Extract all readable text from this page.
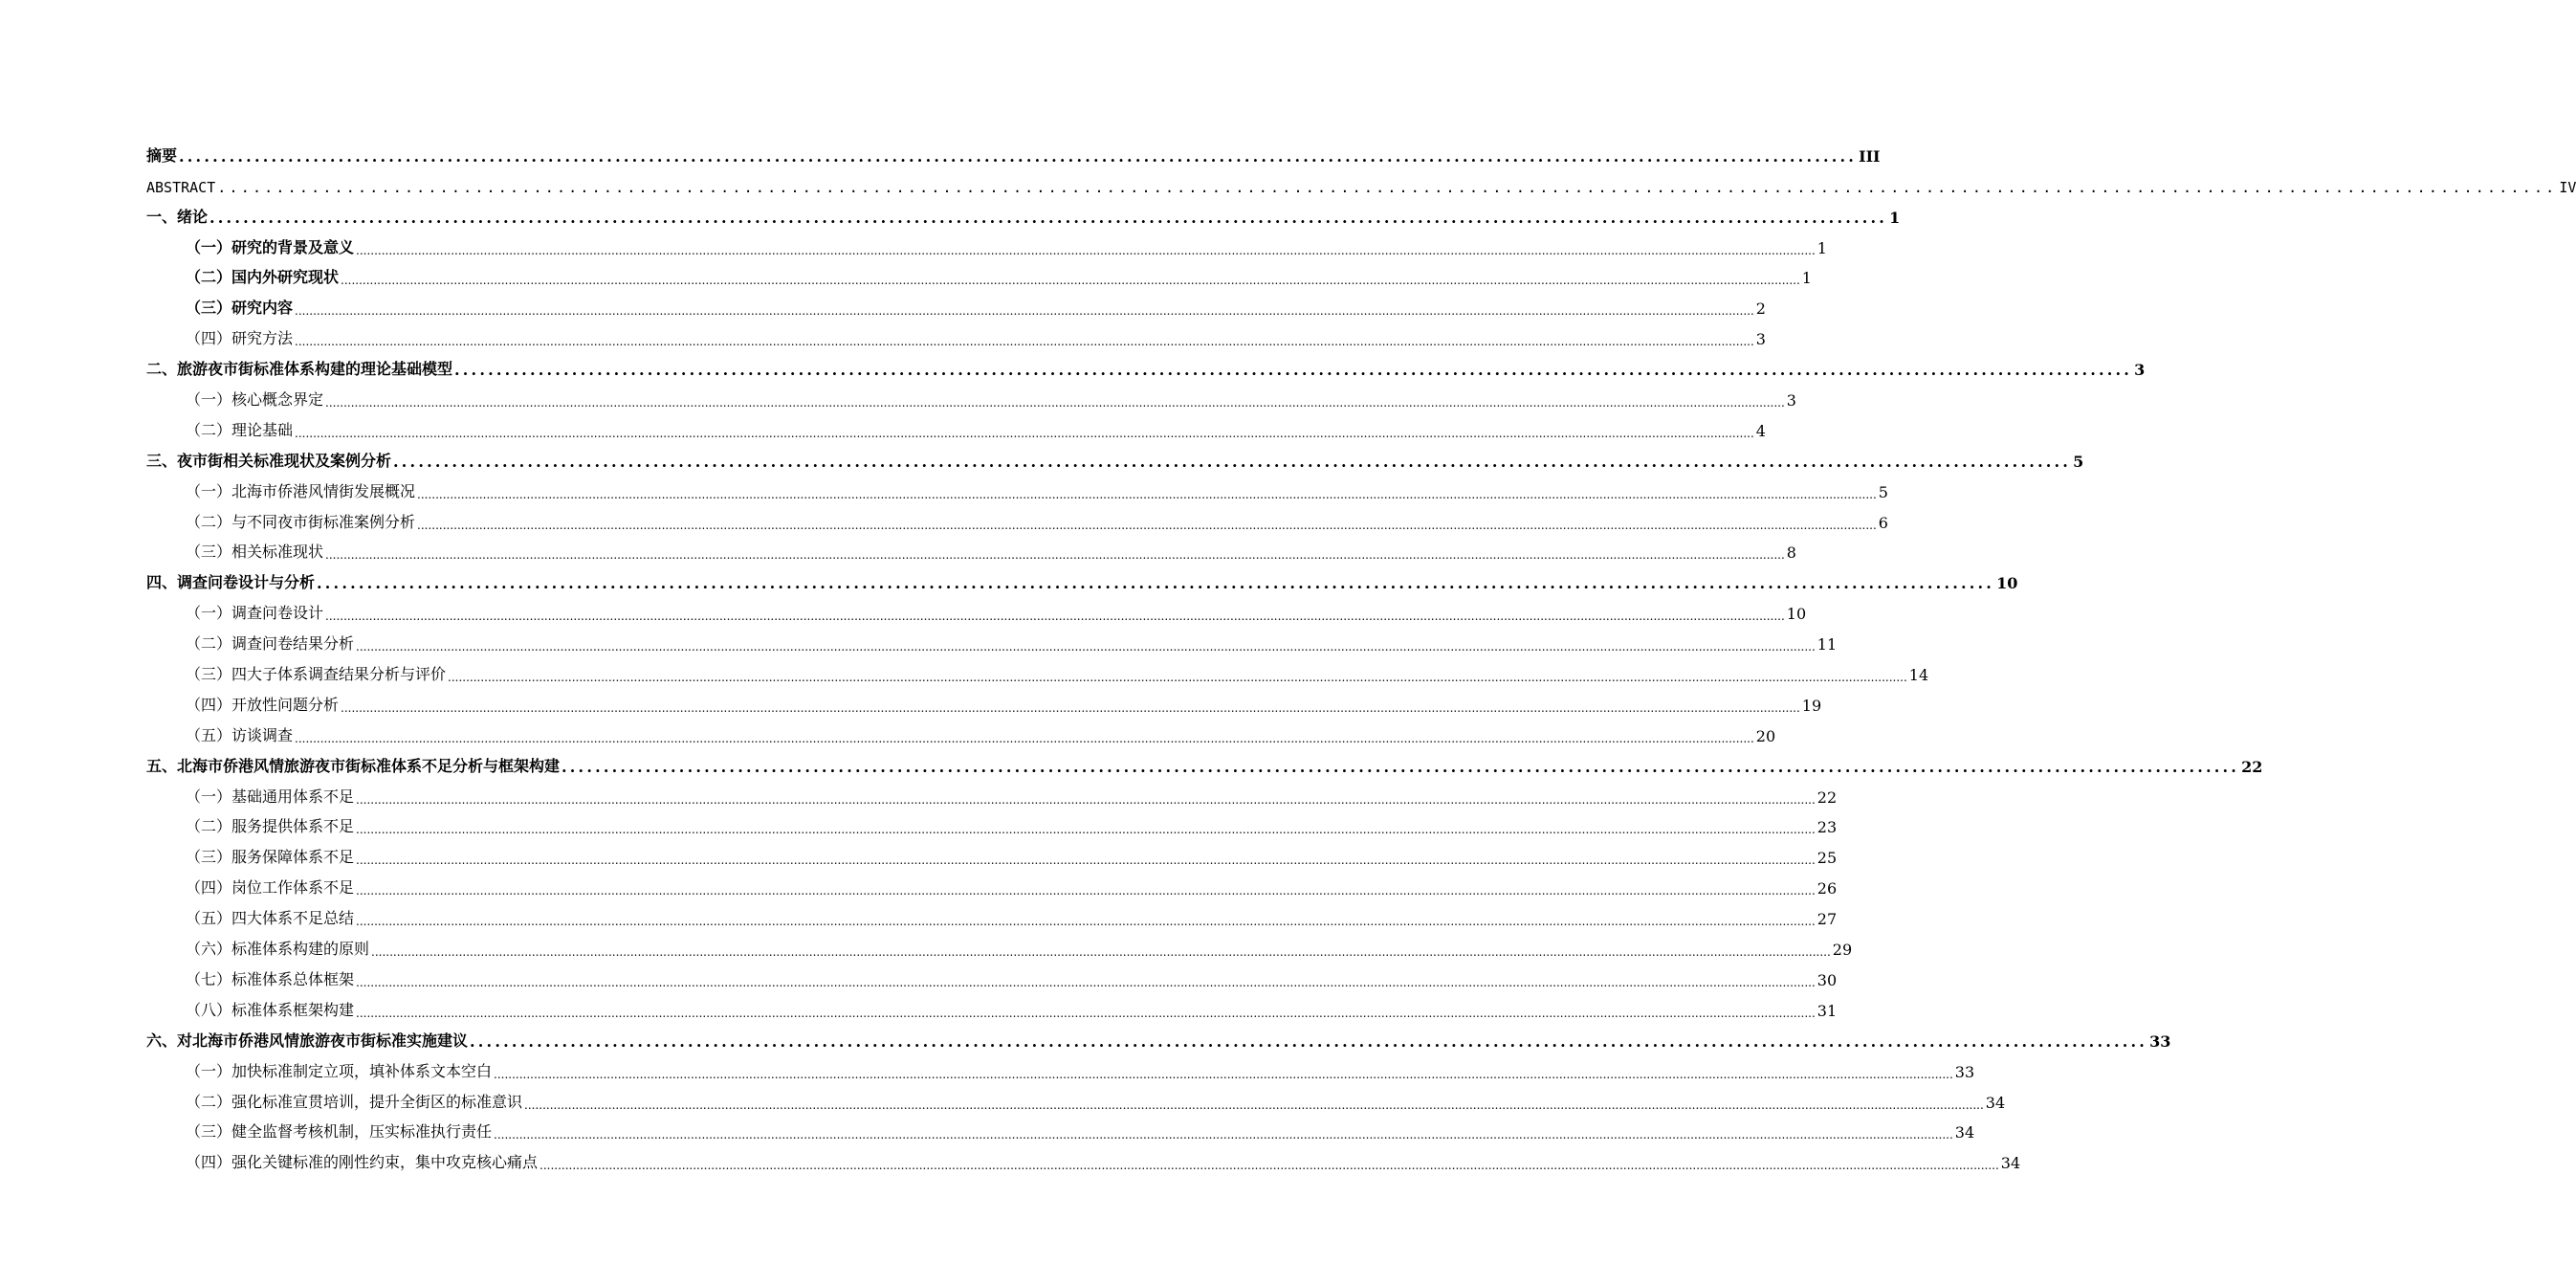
摘要 ........................................................................................................................................................................................................ III
ABSTRACT ........................................................................................................................................................................................................ IV
一、绪论 ........................................................................................................................................................................................................ 1
（一）研究的背景及意义 ................................................................................................................................................................................................................................................................................................................................................................................................................ 1
（二）国内外研究现状 ................................................................................................................................................................................................................................................................................................................................................................................................................ 1
（三）研究内容 ................................................................................................................................................................................................................................................................................................................................................................................................................ 2
（四）研究方法 ................................................................................................................................................................................................................................................................................................................................................................................................................ 3
二、旅游夜市街标准体系构建的理论基础模型 ........................................................................................................................................................................................................ 3
（一）核心概念界定 ................................................................................................................................................................................................................................................................................................................................................................................................................ 3
（二）理论基础 ................................................................................................................................................................................................................................................................................................................................................................................................................ 4
三、夜市街相关标准现状及案例分析 ........................................................................................................................................................................................................ 5
（一）北海市侨港风情街发展概况 ................................................................................................................................................................................................................................................................................................................................................................................................................ 5
（二）与不同夜市街标准案例分析 ................................................................................................................................................................................................................................................................................................................................................................................................................ 6
（三）相关标准现状 ................................................................................................................................................................................................................................................................................................................................................................................................................ 8
四、调查问卷设计与分析 ........................................................................................................................................................................................................ 10
（一）调查问卷设计 ................................................................................................................................................................................................................................................................................................................................................................................................................ 10
（二）调查问卷结果分析 ................................................................................................................................................................................................................................................................................................................................................................................................................ 11
（三）四大子体系调查结果分析与评价 ................................................................................................................................................................................................................................................................................................................................................................................................................ 14
（四）开放性问题分析 ................................................................................................................................................................................................................................................................................................................................................................................................................ 19
（五）访谈调查 ................................................................................................................................................................................................................................................................................................................................................................................................................ 20
五、北海市侨港风情旅游夜市街标准体系不足分析与框架构建 ........................................................................................................................................................................................................ 22
（一）基础通用体系不足 ................................................................................................................................................................................................................................................................................................................................................................................................................ 22
（二）服务提供体系不足 ................................................................................................................................................................................................................................................................................................................................................................................................................ 23
（三）服务保障体系不足 ................................................................................................................................................................................................................................................................................................................................................................................................................ 25
（四）岗位工作体系不足 ................................................................................................................................................................................................................................................................................................................................................................................................................ 26
（五）四大体系不足总结 ................................................................................................................................................................................................................................................................................................................................................................................................................ 27
（六）标准体系构建的原则 ................................................................................................................................................................................................................................................................................................................................................................................................................ 29
（七）标准体系总体框架 ................................................................................................................................................................................................................................................................................................................................................................................................................ 30
（八）标准体系框架构建 ................................................................................................................................................................................................................................................................................................................................................................................................................ 31
六、对北海市侨港风情旅游夜市街标准实施建议 ........................................................................................................................................................................................................ 33
（一）加快标准制定立项，填补体系文本空白 ................................................................................................................................................................................................................................................................................................................................................................................................................ 33
（二）强化标准宣贯培训，提升全街区的标准意识 ................................................................................................................................................................................................................................................................................................................................................................................................................ 34
（三）健全监督考核机制，压实标准执行责任 ................................................................................................................................................................................................................................................................................................................................................................................................................ 34
（四）强化关键标准的刚性约束，集中攻克核心痛点 ................................................................................................................................................................................................................................................................................................................................................................................................................ 34
